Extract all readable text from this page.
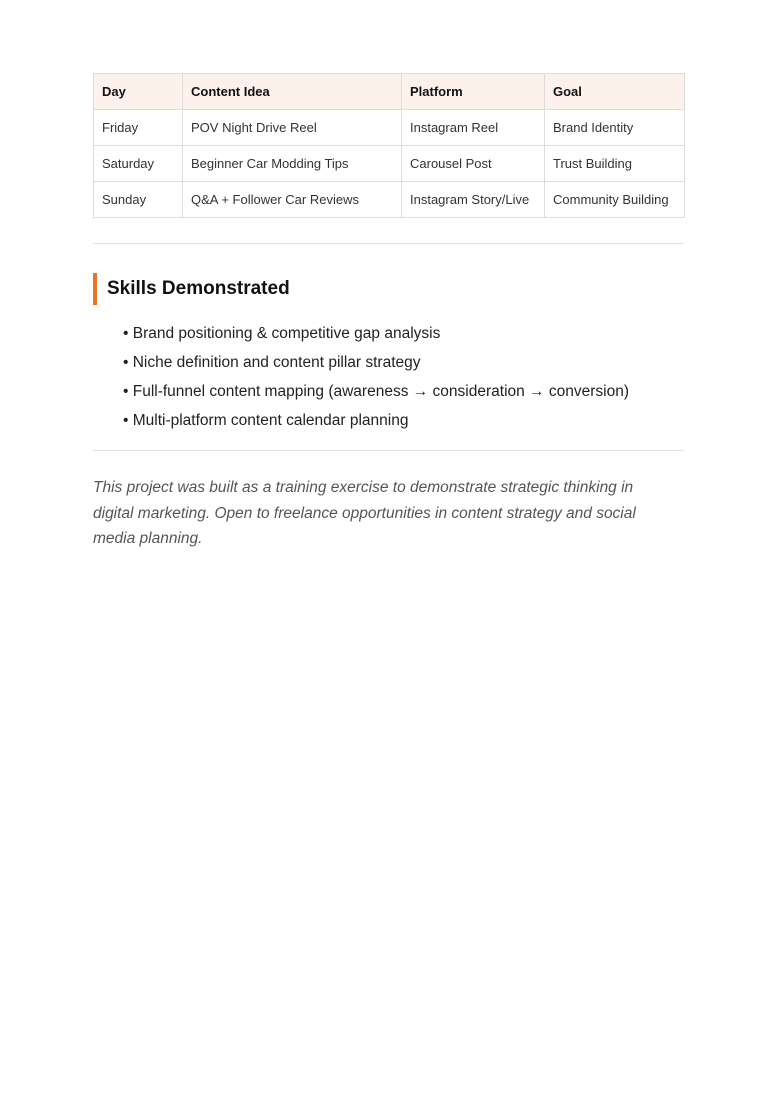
Day	Content Idea	Platform	Goal
Friday	POV Night Drive Reel	Instagram Reel	Brand Identity
Saturday	Beginner Car Modding Tips	Carousel Post	Trust Building
Sunday	Q&A + Follower Car Reviews	Instagram Story/Live	Community Building
Skills Demonstrated
• Brand positioning & competitive gap analysis
• Niche definition and content pillar strategy
• Full-funnel content mapping (awareness → consideration → conversion)
• Multi-platform content calendar planning

This project was built as a training exercise to demonstrate strategic thinking in digital marketing. Open to freelance opportunities in content strategy and social media planning.
